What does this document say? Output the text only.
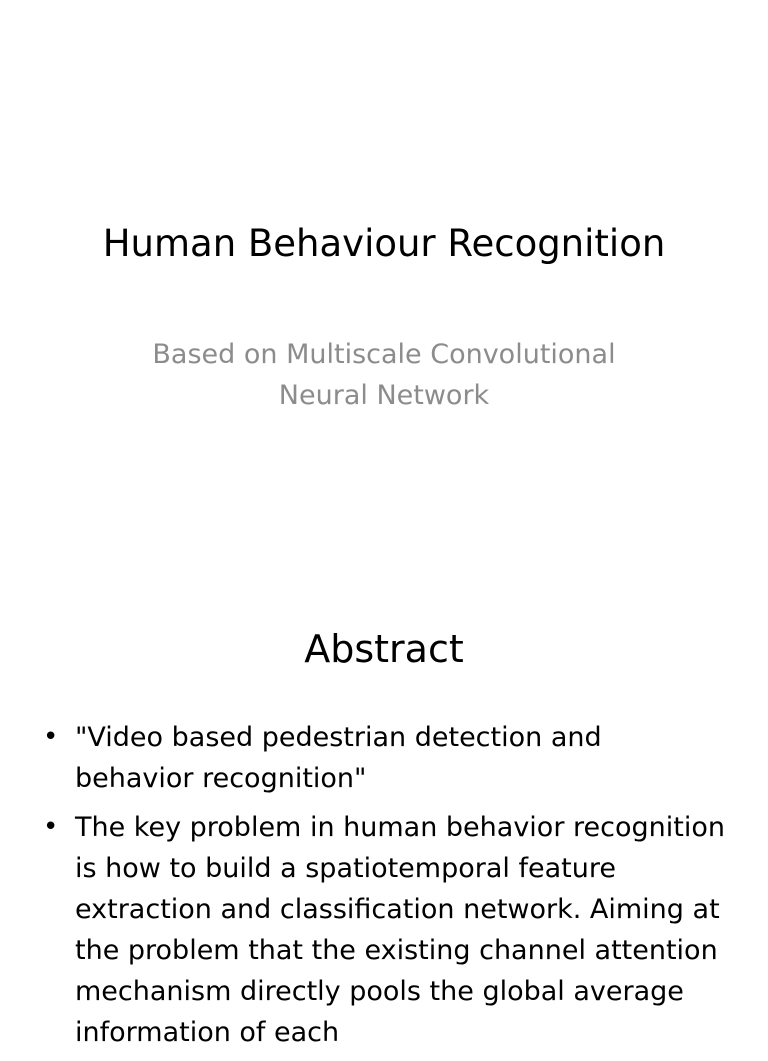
Human Behaviour Recognition

Based on Multiscale Convolutional Neural Network

Abstract
• "Video based pedestrian detection and behavior recognition"
• The key problem in human behavior recognition is how to build a spatiotemporal feature extraction and classification network. Aiming at the problem that the existing channel attention mechanism directly pools the global average information of each
